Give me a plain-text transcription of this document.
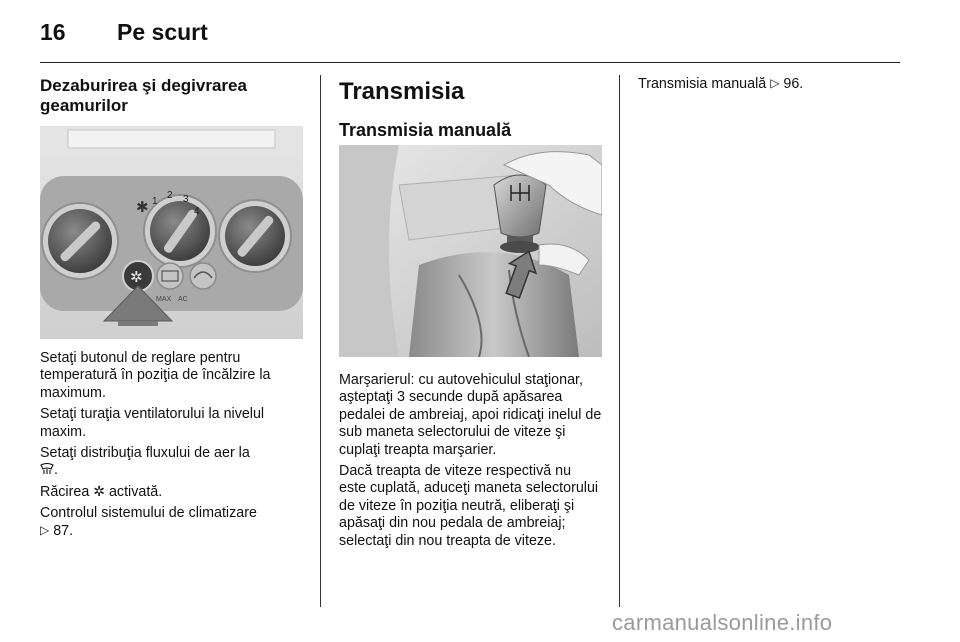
16 Pe scurt
Dezaburirea şi degivrarea geamurilor
✱ 1
2 3
4
✲
MAX AC

Setaţi butonul de reglare pentru temperatură în poziţia de încălzire la maximum.

Setaţi turaţia ventilatorului la nivelul maxim.

Setaţi distribuţia fluxului de aer la
.

Răcirea ✲ activată.

Controlul sistemului de climatizare
▷ 87.

Transmisia
Transmisia manuală

Marşarierul: cu autovehiculul staţionar, aşteptaţi 3 secunde după apăsarea pedalei de ambreiaj, apoi ridicaţi inelul de sub maneta selectorului de viteze şi cuplaţi treapta marşarier.

Dacă treapta de viteze respectivă nu este cuplată, aduceţi maneta selectorului de viteze în poziţia neutră, eliberaţi şi apăsaţi din nou pedala de ambreiaj; selectaţi din nou treapta de viteze.

Transmisia manuală ▷ 96.

carmanualsonline.info
